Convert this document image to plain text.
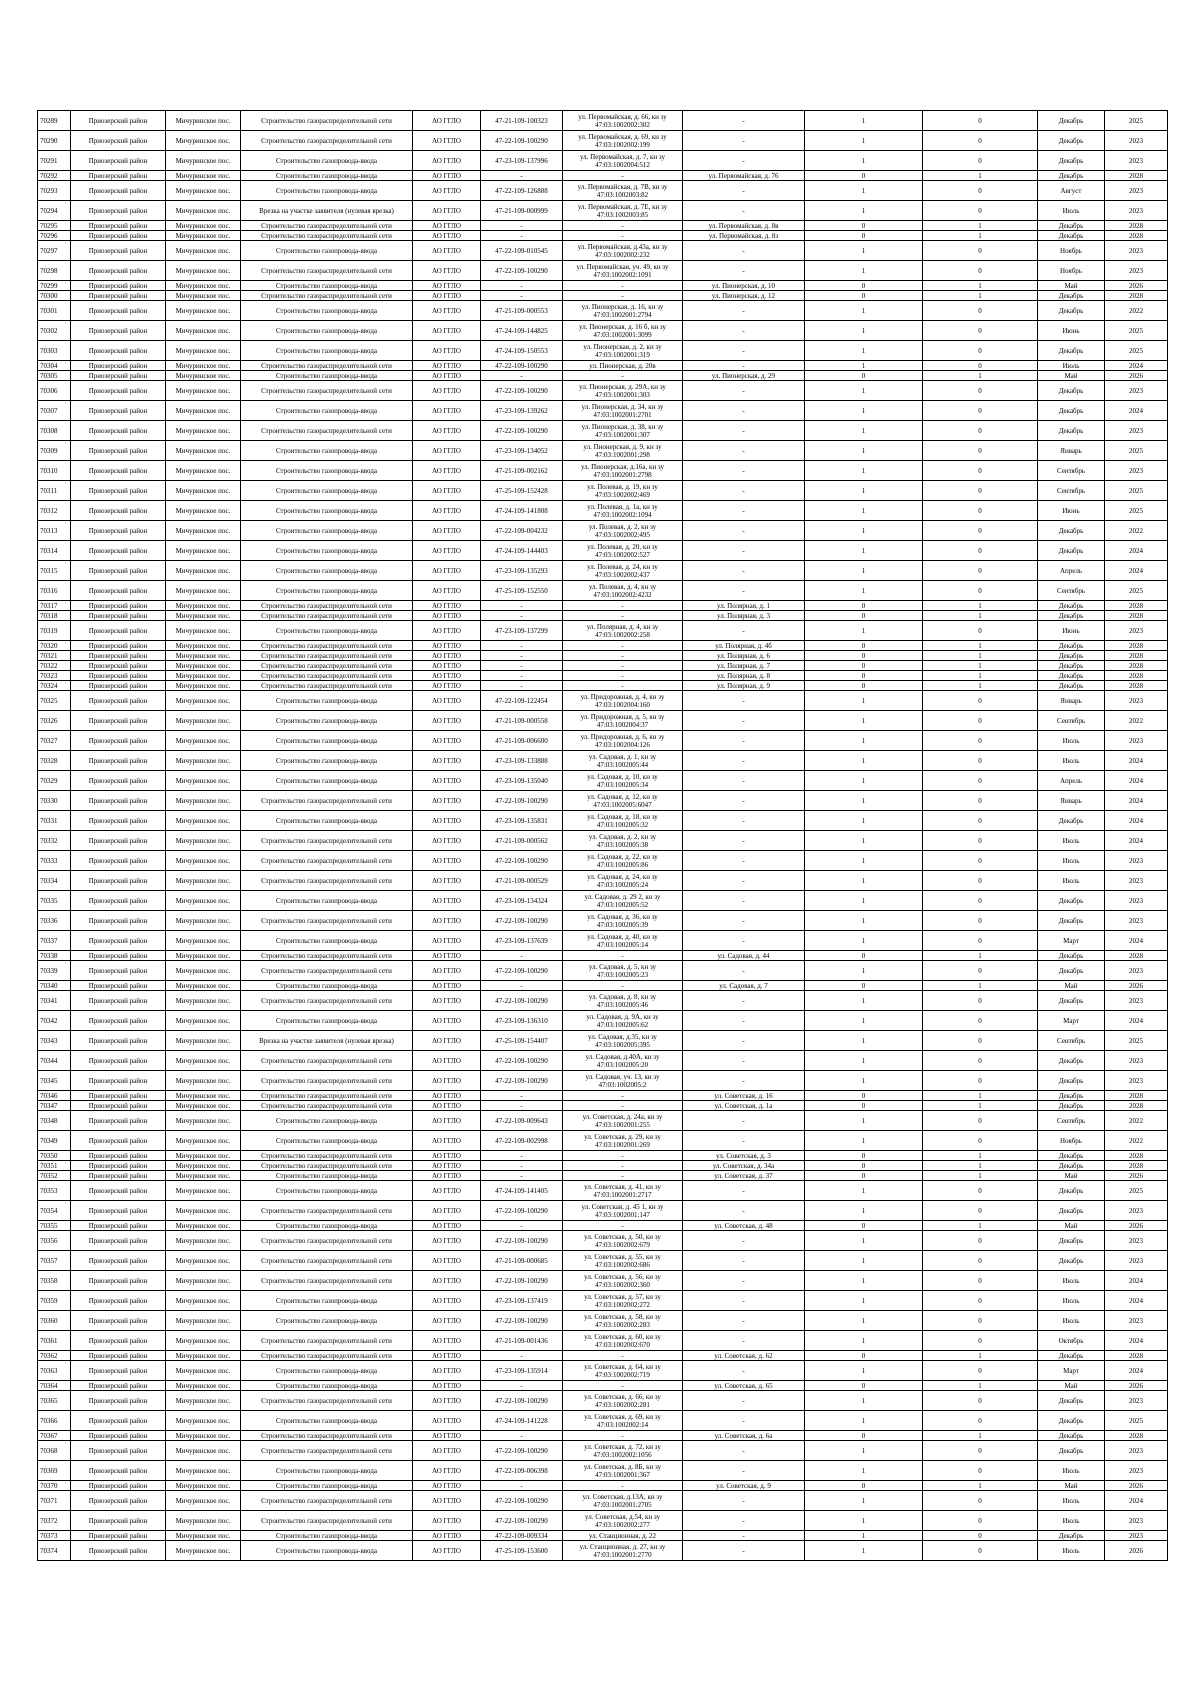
70289	Приозерский район	Мичуринское пос.	Строительство газораспределительной сети	АО ГГЛО	47-21-109-100323	ул. Первомайская, д. 66, кн зу 47:03:1002002:302	-	1	0	Декабрь	2025
70290	Приозерский район	Мичуринское пос.	Строительство газораспределительной сети	АО ГГЛО	47-22-109-100290	ул. Первомайская, д. 69, кн зу 47:03:1002002:199	-	1	0	Декабрь	2023
70291	Приозерский район	Мичуринское пос.	Строительство газопровода-ввода	АО ГГЛО	47-23-109-137996	ул. Первомайская, д. 7, кн зу 47:03:1002004:512	-	1	0	Декабрь	2023
70292	Приозерский район	Мичуринское пос.	Строительство газопровода-ввода	АО ГГЛО	-	-	ул. Первомайская, д. 76	0	1	Декабрь	2028
70293	Приозерский район	Мичуринское пос.	Строительство газопровода-ввода	АО ГГЛО	47-22-109-126888	ул. Первомайская, д. 7В, кн зу 47:03:1002003:82	-	1	0	Август	2023
70294	Приозерский район	Мичуринское пос.	Врезка на участке заявителя (нулевая врезка)	АО ГГЛО	47-21-109-000999	ул. Первомайская, д. 7Е, кн зу 47:03:1002003:85	-	1	0	Июль	2023
70295	Приозерский район	Мичуринское пос.	Строительство газораспределительной сети	АО ГГЛО	-	-	ул. Первомайская, д. 8в	0	1	Декабрь	2028
70296	Приозерский район	Мичуринское пос.	Строительство газораспределительной сети	АО ГГЛО	-	-	ул. Первомайская, д. 8з	0	1	Декабрь	2028
70297	Приозерский район	Мичуринское пос.	Строительство газопровода-ввода	АО ГГЛО	47-22-109-010545	ул. Первомайская, д.43а, кн зу 47:03:1002002:232	-	1	0	Ноябрь	2023
70298	Приозерский район	Мичуринское пос.	Строительство газораспределительной сети	АО ГГЛО	47-22-109-100290	ул. Первомайская, уч. 49, кн зу 47:03:1002002:1091	-	1	0	Ноябрь	2023
70299	Приозерский район	Мичуринское пос.	Строительство газопровода-ввода	АО ГГЛО	-	-	ул. Пионерская, д. 10	0	1	Май	2026
70300	Приозерский район	Мичуринское пос.	Строительство газораспределительной сети	АО ГГЛО	-	-	ул. Пионерская, д. 12	0	1	Декабрь	2028
70301	Приозерский район	Мичуринское пос.	Строительство газопровода-ввода	АО ГГЛО	47-21-109-000553	ул. Пионерская, д. 16, кн зу 47:03:1002001:2794	-	1	0	Декабрь	2022
70302	Приозерский район	Мичуринское пос.	Строительство газопровода-ввода	АО ГГЛО	47-24-109-144825	ул. Пионерская, д. 16 б, кн зу 47:03:1002001:3099	-	1	0	Июнь	2025
70303	Приозерский район	Мичуринское пос.	Строительство газопровода-ввода	АО ГГЛО	47-24-109-150553	ул. Пионерская, д. 2, кн зу 47:03:1002001:319	-	1	0	Декабрь	2025
70304	Приозерский район	Мичуринское пос.	Строительство газораспределительной сети	АО ГГЛО	47-22-109-100290	ул. Пионерская, д. 20в	-	1	0	Июль	2024
70305	Приозерский район	Мичуринское пос.	Строительство газопровода-ввода	АО ГГЛО	-	-	ул. Пионерская, д. 29	0	1	Май	2026
70306	Приозерский район	Мичуринское пос.	Строительство газораспределительной сети	АО ГГЛО	47-22-109-100290	ул. Пионерская, д. 29А, кн зу 47:03:1002001:303	-	1	0	Декабрь	2023
70307	Приозерский район	Мичуринское пос.	Строительство газопровода-ввода	АО ГГЛО	47-23-109-139262	ул. Пионерская, д. 34, кн зу 47:03:1002001:2701	-	1	0	Декабрь	2024
70308	Приозерский район	Мичуринское пос.	Строительство газораспределительной сети	АО ГГЛО	47-22-109-100290	ул. Пионерская, д. 38, кн зу 47:03:1002001:307	-	1	0	Декабрь	2023
70309	Приозерский район	Мичуринское пос.	Строительство газопровода-ввода	АО ГГЛО	47-23-109-134052	ул. Пионерская, д. 9, кн зу 47:03:1002001:298	-	1	0	Январь	2025
70310	Приозерский район	Мичуринское пос.	Строительство газопровода-ввода	АО ГГЛО	47-21-109-002162	ул. Пионерская, д.16а, кн зу 47:03:1002001:2798	-	1	0	Сентябрь	2023
70311	Приозерский район	Мичуринское пос.	Строительство газопровода-ввода	АО ГГЛО	47-25-109-152428	ул. Полевая, д. 19, кн зу 47:03:1002002:469	-	1	0	Сентябрь	2025
70312	Приозерский район	Мичуринское пос.	Строительство газопровода-ввода	АО ГГЛО	47-24-109-141808	ул. Полевая, д. 1а, кн зу 47:03:1002002:1094	-	1	0	Июнь	2025
70313	Приозерский район	Мичуринское пос.	Строительство газопровода-ввода	АО ГГЛО	47-22-109-004232	ул. Полевая, д. 2, кн зу 47:03:1002002:495	-	1	0	Декабрь	2022
70314	Приозерский район	Мичуринское пос.	Строительство газопровода-ввода	АО ГГЛО	47-24-109-144403	ул. Полевая, д. 20, кн зу 47:03:1002002:527	-	1	0	Декабрь	2024
70315	Приозерский район	Мичуринское пос.	Строительство газопровода-ввода	АО ГГЛО	47-23-109-135293	ул. Полевая, д. 24, кн зу 47:03:1002002:437	-	1	0	Апрель	2024
70316	Приозерский район	Мичуринское пос.	Строительство газопровода-ввода	АО ГГЛО	47-25-109-152550	ул. Полевая, д. 4, кн зу 47:03:1002002:4232	-	1	0	Сентябрь	2025
70317	Приозерский район	Мичуринское пос.	Строительство газораспределительной сети	АО ГГЛО	-	-	ул. Полярная, д. 1	0	1	Декабрь	2028
70318	Приозерский район	Мичуринское пос.	Строительство газораспределительной сети	АО ГГЛО	-	-	ул. Полярная, д. 3	0	1	Декабрь	2028
70319	Приозерский район	Мичуринское пос.	Строительство газопровода-ввода	АО ГГЛО	47-23-109-137299	ул. Полярная, д. 4, кн зу 47:03:1002002:258	-	1	0	Июнь	2023
70320	Приозерский район	Мичуринское пос.	Строительство газораспределительной сети	АО ГГЛО	-	-	ул. Полярная, д. 4б	0	1	Декабрь	2028
70321	Приозерский район	Мичуринское пос.	Строительство газораспределительной сети	АО ГГЛО	-	-	ул. Полярная, д. 6	0	1	Декабрь	2028
70322	Приозерский район	Мичуринское пос.	Строительство газораспределительной сети	АО ГГЛО	-	-	ул. Полярная, д. 7	0	1	Декабрь	2028
70323	Приозерский район	Мичуринское пос.	Строительство газораспределительной сети	АО ГГЛО	-	-	ул. Полярная, д. 8	0	1	Декабрь	2028
70324	Приозерский район	Мичуринское пос.	Строительство газораспределительной сети	АО ГГЛО	-	-	ул. Полярная, д. 9	0	1	Декабрь	2028
70325	Приозерский район	Мичуринское пос.	Строительство газопровода-ввода	АО ГГЛО	47-22-109-122454	ул. Придорожная, д. 4, кн зу 47:03:1002004:160	-	1	0	Январь	2023
70326	Приозерский район	Мичуринское пос.	Строительство газопровода-ввода	АО ГГЛО	47-21-109-000558	ул. Придорожная, д. 5, кн зу 47:03:1002004:37	-	1	0	Сентябрь	2022
70327	Приозерский район	Мичуринское пос.	Строительство газопровода-ввода	АО ГГЛО	47-21-109-006600	ул. Придорожная, д. 6, кн зу 47:03:1002004:126	-	1	0	Июль	2023
70328	Приозерский район	Мичуринское пос.	Строительство газопровода-ввода	АО ГГЛО	47-23-109-133888	ул. Садовая, д. 1, кн зу 47:03:1002005:44	-	1	0	Июль	2024
70329	Приозерский район	Мичуринское пос.	Строительство газопровода-ввода	АО ГГЛО	47-23-109-135040	ул. Садовая, д. 10, кн зу 47:03:1002005:34	-	1	0	Апрель	2024
70330	Приозерский район	Мичуринское пос.	Строительство газораспределительной сети	АО ГГЛО	47-22-109-100290	ул. Садовая, д. 12, кн зу 47:03:1002005:6047	-	1	0	Январь	2024
70331	Приозерский район	Мичуринское пос.	Строительство газопровода-ввода	АО ГГЛО	47-23-109-135831	ул. Садовая, д. 18, кн зу 47:03:1002005:32	-	1	0	Декабрь	2024
70332	Приозерский район	Мичуринское пос.	Строительство газораспределительной сети	АО ГГЛО	47-21-109-000562	ул. Садовая, д. 2, кн зу 47:03:1002005:38	-	1	0	Июль	2024
70333	Приозерский район	Мичуринское пос.	Строительство газораспределительной сети	АО ГГЛО	47-22-109-100290	ул. Садовая, д. 22, кн зу 47:03:1002005:86	-	1	0	Июль	2023
70334	Приозерский район	Мичуринское пос.	Строительство газораспределительной сети	АО ГГЛО	47-21-109-000529	ул. Садовая, д. 24, кн зу 47:03:1002005:24	-	1	0	Июль	2023
70335	Приозерский район	Мичуринское пос.	Строительство газопровода-ввода	АО ГГЛО	47-23-109-134324	ул. Садовая, д. 29 2, кн зу 47:03:1002005:52	-	1	0	Декабрь	2023
70336	Приозерский район	Мичуринское пос.	Строительство газораспределительной сети	АО ГГЛО	47-22-109-100290	ул. Садовая, д. 36, кн зу 47:03:1002005:39	-	1	0	Декабрь	2023
70337	Приозерский район	Мичуринское пос.	Строительство газопровода-ввода	АО ГГЛО	47-23-109-137639	ул. Садовая, д. 40, кн зу 47:03:1002005:14	-	1	0	Март	2024
70338	Приозерский район	Мичуринское пос.	Строительство газораспределительной сети	АО ГГЛО	-	-	ул. Садовая, д. 44	0	1	Декабрь	2028
70339	Приозерский район	Мичуринское пос.	Строительство газораспределительной сети	АО ГГЛО	47-22-109-100290	ул. Садовая, д. 5, кн зу 47:03:1002005:23	-	1	0	Декабрь	2023
70340	Приозерский район	Мичуринское пос.	Строительство газопровода-ввода	АО ГГЛО	-	-	ул. Садовая, д. 7	0	1	Май	2026
70341	Приозерский район	Мичуринское пос.	Строительство газораспределительной сети	АО ГГЛО	47-22-109-100290	ул. Садовая, д. 8, кн зу 47:03:1002005:46	-	1	0	Декабрь	2023
70342	Приозерский район	Мичуринское пос.	Строительство газопровода-ввода	АО ГГЛО	47-23-109-136310	ул. Садовая, д. 9А, кн зу 47:03:1002005:62	-	1	0	Март	2024
70343	Приозерский район	Мичуринское пос.	Врезка на участке заявителя (нулевая врезка)	АО ГГЛО	47-25-109-154407	ул. Садовая, д.35, кн зу 47:03:1002005:395	-	1	0	Сентябрь	2025
70344	Приозерский район	Мичуринское пос.	Строительство газораспределительной сети	АО ГГЛО	47-22-109-100290	ул. Садовая, д.40А, кн зу 47:03:1002005:20	-	1	0	Декабрь	2023
70345	Приозерский район	Мичуринское пос.	Строительство газораспределительной сети	АО ГГЛО	47-22-109-100290	ул. Садовая, уч. 13, кн зу 47:03:1002005:2	-	1	0	Декабрь	2023
70346	Приозерский район	Мичуринское пос.	Строительство газораспределительной сети	АО ГГЛО	-	-	ул. Советская, д. 16	0	1	Декабрь	2028
70347	Приозерский район	Мичуринское пос.	Строительство газораспределительной сети	АО ГГЛО	-	-	ул. Советская, д. 1а	0	1	Декабрь	2028
70348	Приозерский район	Мичуринское пос.	Строительство газопровода-ввода	АО ГГЛО	47-22-109-009643	ул. Советская, д. 24а, кн зу 47:03:1002001:255	-	1	0	Сентябрь	2022
70349	Приозерский район	Мичуринское пос.	Строительство газопровода-ввода	АО ГГЛО	47-22-109-002998	ул. Советская, д. 29, кн зу 47:03:1002001:269	-	1	0	Ноябрь	2022
70350	Приозерский район	Мичуринское пос.	Строительство газораспределительной сети	АО ГГЛО	-	-	ул. Советская, д. 3	0	1	Декабрь	2028
70351	Приозерский район	Мичуринское пос.	Строительство газораспределительной сети	АО ГГЛО	-	-	ул. Советская, д. 34а	0	1	Декабрь	2028
70352	Приозерский район	Мичуринское пос.	Строительство газопровода-ввода	АО ГГЛО	-	-	ул. Советская, д. 37	0	1	Май	2026
70353	Приозерский район	Мичуринское пос.	Строительство газопровода-ввода	АО ГГЛО	47-24-109-141405	ул. Советская, д. 41, кн зу 47:03:1002001:2717	-	1	0	Декабрь	2025
70354	Приозерский район	Мичуринское пос.	Строительство газораспределительной сети	АО ГГЛО	47-22-109-100290	ул. Советская, д. 45 1, кн зу 47:03:1002001:147	-	1	0	Декабрь	2023
70355	Приозерский район	Мичуринское пос.	Строительство газопровода-ввода	АО ГГЛО	-	-	ул. Советская, д. 48	0	1	Май	2026
70356	Приозерский район	Мичуринское пос.	Строительство газораспределительной сети	АО ГГЛО	47-22-109-100290	ул. Советская, д. 50, кн зу 47:03:1002002:679	-	1	0	Декабрь	2023
70357	Приозерский район	Мичуринское пос.	Строительство газораспределительной сети	АО ГГЛО	47-21-109-000685	ул. Советская, д. 55, кн зу 47:03:1002002:686	-	1	0	Декабрь	2023
70358	Приозерский район	Мичуринское пос.	Строительство газораспределительной сети	АО ГГЛО	47-22-109-100290	ул. Советская, д. 56, кн зу 47:03:1002002:360	-	1	0	Июль	2024
70359	Приозерский район	Мичуринское пос.	Строительство газопровода-ввода	АО ГГЛО	47-23-109-137419	ул. Советская, д. 57, кн зу 47:03:1002002:272	-	1	0	Июль	2024
70360	Приозерский район	Мичуринское пос.	Строительство газопровода-ввода	АО ГГЛО	47-22-109-100290	ул. Советская, д. 58, кн зу 47:03:1002002:283	-	1	0	Июль	2023
70361	Приозерский район	Мичуринское пос.	Строительство газораспределительной сети	АО ГГЛО	47-21-109-001436	ул. Советская, д. 60, кн зу 47:03:1002002:670	-	1	0	Октябрь	2024
70362	Приозерский район	Мичуринское пос.	Строительство газораспределительной сети	АО ГГЛО	-	-	ул. Советская, д. 62	0	1	Декабрь	2028
70363	Приозерский район	Мичуринское пос.	Строительство газопровода-ввода	АО ГГЛО	47-23-109-135914	ул. Советская, д. 64, кн зу 47:03:1002002:719	-	1	0	Март	2024
70364	Приозерский район	Мичуринское пос.	Строительство газопровода-ввода	АО ГГЛО	-	-	ул. Советская, д. 65	0	1	Май	2026
70365	Приозерский район	Мичуринское пос.	Строительство газораспределительной сети	АО ГГЛО	47-22-109-100290	ул. Советская, д. 66, кн зу 47:03:1002002:281	-	1	0	Декабрь	2023
70366	Приозерский район	Мичуринское пос.	Строительство газопровода-ввода	АО ГГЛО	47-24-109-141228	ул. Советская, д. 69, кн зу 47:03:1002002:14	-	1	0	Декабрь	2025
70367	Приозерский район	Мичуринское пос.	Строительство газораспределительной сети	АО ГГЛО	-	-	ул. Советская, д. 6а	0	1	Декабрь	2028
70368	Приозерский район	Мичуринское пос.	Строительство газораспределительной сети	АО ГГЛО	47-22-109-100290	ул. Советская, д. 72, кн зу 47:03:1002002:1056	-	1	0	Декабрь	2023
70369	Приозерский район	Мичуринское пос.	Строительство газопровода-ввода	АО ГГЛО	47-22-109-006398	ул. Советская, д. 8Б, кн зу 47:03:1002001:367	-	1	0	Июль	2023
70370	Приозерский район	Мичуринское пос.	Строительство газопровода-ввода	АО ГГЛО	-	-	ул. Советская, д. 9	0	1	Май	2026
70371	Приозерский район	Мичуринское пос.	Строительство газораспределительной сети	АО ГГЛО	47-22-109-100290	ул. Советская, д.13А, кн зу 47:03:1002001:2705	-	1	0	Июль	2024
70372	Приозерский район	Мичуринское пос.	Строительство газораспределительной сети	АО ГГЛО	47-22-109-100290	ул. Советская, д.54, кн зу 47:03:1002002:277	-	1	0	Июль	2023
70373	Приозерский район	Мичуринское пос.	Строительство газопровода-ввода	АО ГГЛО	47-22-109-009334	ул. Станционная, д. 22	-	1	0	Декабрь	2023
70374	Приозерский район	Мичуринское пос.	Строительство газопровода-ввода	АО ГГЛО	47-25-109-153600	ул. Станционная, д. 27, кн зу 47:03:1002001:2770	-	1	0	Июль	2026
